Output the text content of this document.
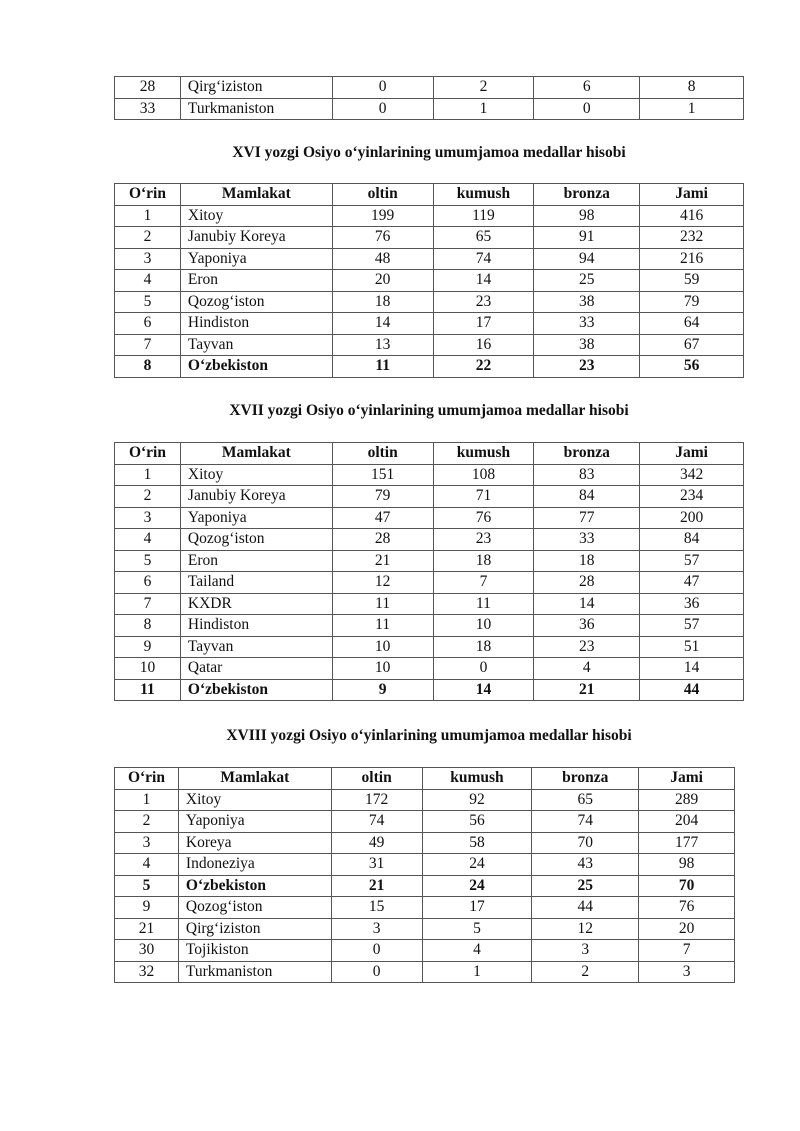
28	Qirg‘iziston	0	2	6	8
33	Turkmaniston	0	1	0	1
XVI yozgi Osiyo o‘yinlarining umumjamoa medallar hisobi
O‘rin	Mamlakat	oltin	kumush	bronza	Jami
1	Xitoy	199	119	98	416
2	Janubiy Koreya	76	65	91	232
3	Yaponiya	48	74	94	216
4	Eron	20	14	25	59
5	Qozog‘iston	18	23	38	79
6	Hindiston	14	17	33	64
7	Tayvan	13	16	38	67
8	O‘zbekiston	11	22	23	56
XVII yozgi Osiyo o‘yinlarining umumjamoa medallar hisobi
O‘rin	Mamlakat	oltin	kumush	bronza	Jami
1	Xitoy	151	108	83	342
2	Janubiy Koreya	79	71	84	234
3	Yaponiya	47	76	77	200
4	Qozog‘iston	28	23	33	84
5	Eron	21	18	18	57
6	Tailand	12	7	28	47
7	KXDR	11	11	14	36
8	Hindiston	11	10	36	57
9	Tayvan	10	18	23	51
10	Qatar	10	0	4	14
11	O‘zbekiston	9	14	21	44
XVIII yozgi Osiyo o‘yinlarining umumjamoa medallar hisobi
O‘rin	Mamlakat	oltin	kumush	bronza	Jami
1	Xitoy	172	92	65	289
2	Yaponiya	74	56	74	204
3	Koreya	49	58	70	177
4	Indoneziya	31	24	43	98
5	O‘zbekiston	21	24	25	70
9	Qozog‘iston	15	17	44	76
21	Qirg‘iziston	3	5	12	20
30	Tojikiston	0	4	3	7
32	Turkmaniston	0	1	2	3
